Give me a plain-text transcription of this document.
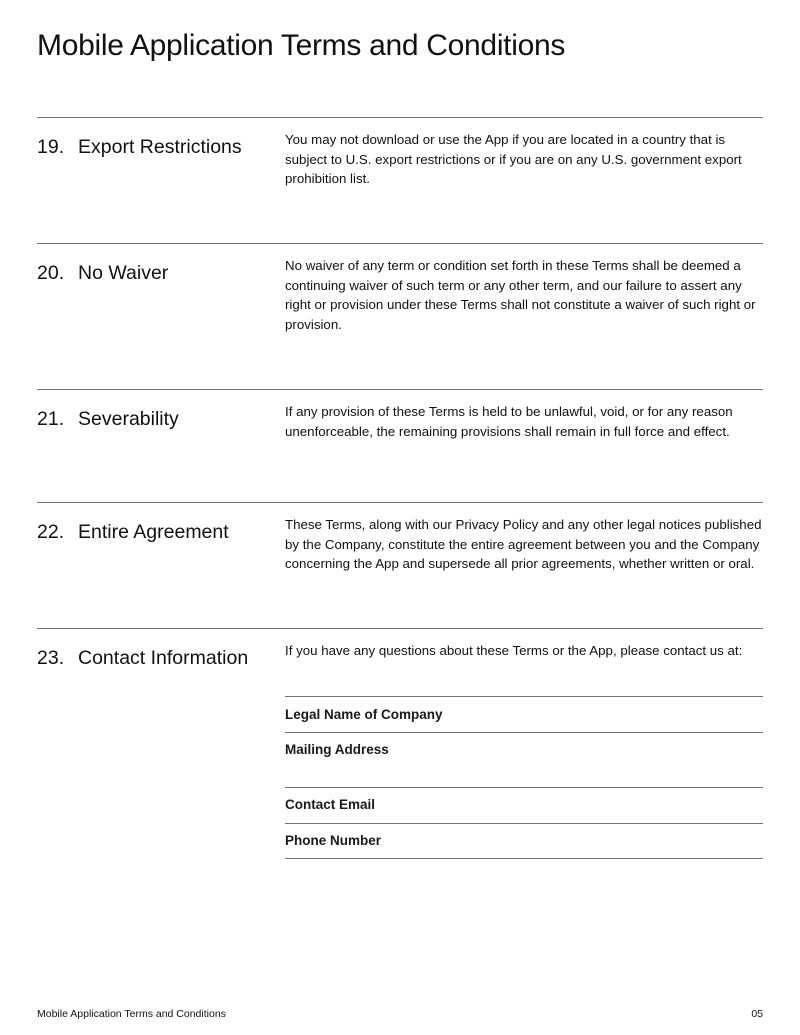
Mobile Application Terms and Conditions
19. Export Restrictions	You may not download or use the App if you are located in a country that is subject to U.S. export restrictions or if you are on any U.S. government export prohibition list.
20. No Waiver	No waiver of any term or condition set forth in these Terms shall be deemed a continuing waiver of such term or any other term, and our failure to assert any right or provision under these Terms shall not constitute a waiver of such right or provision.
21. Severability	If any provision of these Terms is held to be unlawful, void, or for any reason unenforceable, the remaining provisions shall remain in full force and effect.
22. Entire Agreement	These Terms, along with our Privacy Policy and any other legal notices published by the Company, constitute the entire agreement between you and the Company concerning the App and supersede all prior agreements, whether written or oral.
23. Contact Information	If you have any questions about these Terms or the App, please contact us at:
Legal Name of Company
Mailing Address
Contact Email
Phone Number
Mobile Application Terms and Conditions	05
